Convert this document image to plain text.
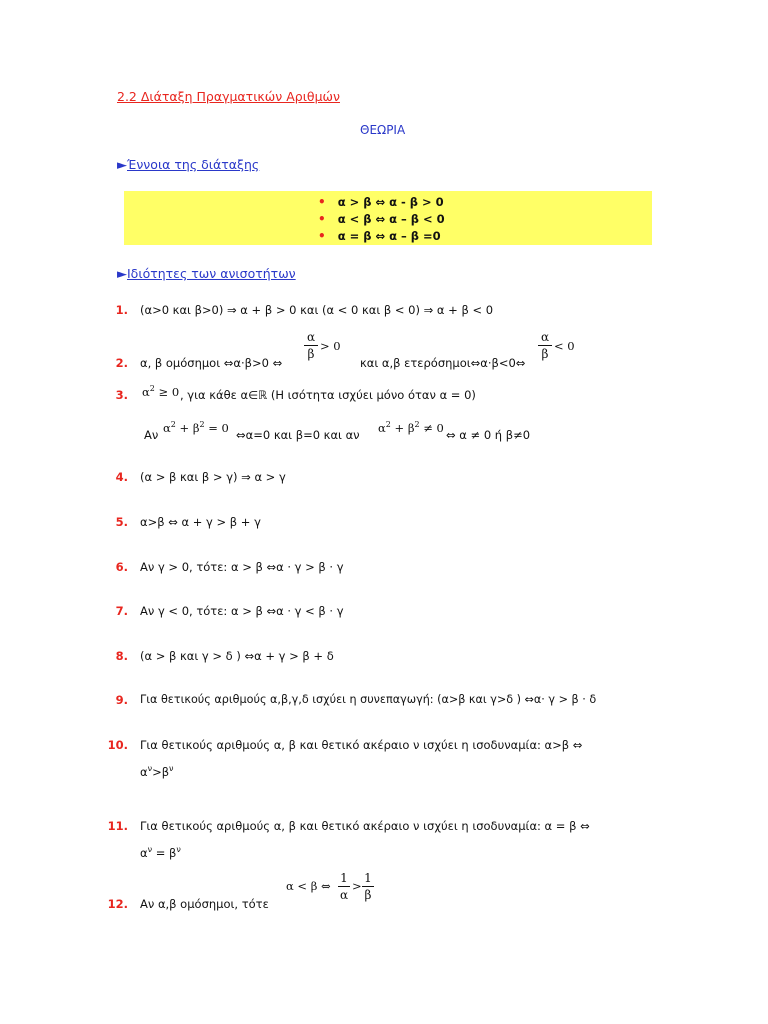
2.2 Διάταξη Πραγματικών Αριθμών
ΘΕΩΡΙΑ
►Έννοια της διάταξης
• α > β ⇔ α - β > 0
• α < β ⇔ α – β < 0
• α = β ⇔ α – β =0
►Ιδιότητες των ανισοτήτων
1. (α>0 και β>0) ⇒ α + β > 0 και (α < 0 και β < 0) ⇒ α + β < 0
2. α, β ομόσημοι ⇔α·β>0 ⇔
α
β
> 0
και α,β ετερόσημοι⇔α·β<0⇔
α
β
< 0
3. $\alpha^2 \ge 0$ , για κάθε α∈ℝ (Η ισότητα ισχύει μόνο όταν α = 0)
Αν
$\alpha^2 + \beta^2 = 0$
⇔α=0 και β=0 και αν
$\alpha^2 + \beta^2 \ne 0$
⇔ α ≠ 0 ή β≠0
4. (α > β και β > γ) ⇒ α > γ
5. α>β ⇔ α + γ > β + γ
6. Αν γ > 0, τότε: α > β ⇔α · γ > β · γ
7. Αν γ < 0, τότε: α > β ⇔α · γ < β · γ
8. (α > β και γ > δ ) ⇔α + γ > β + δ
9. Για θετικούς αριθμούς α,β,γ,δ ισχύει η συνεπαγωγή: (α>β και γ>δ ) ⇔α· γ > β · δ
10. Για θετικούς αριθμούς α, β και θετικό ακέραιο ν ισχύει η ισοδυναμία: α>β ⇔
$\alpha^\nu>\beta^\nu$
11. Για θετικούς αριθμούς α, β και θετικό ακέραιο ν ισχύει η ισοδυναμία: α = β ⇔
$\alpha^\nu = \beta^\nu$
12. Αν α,β ομόσημοι, τότε
α < β ⇔
1
α
>
1
β
